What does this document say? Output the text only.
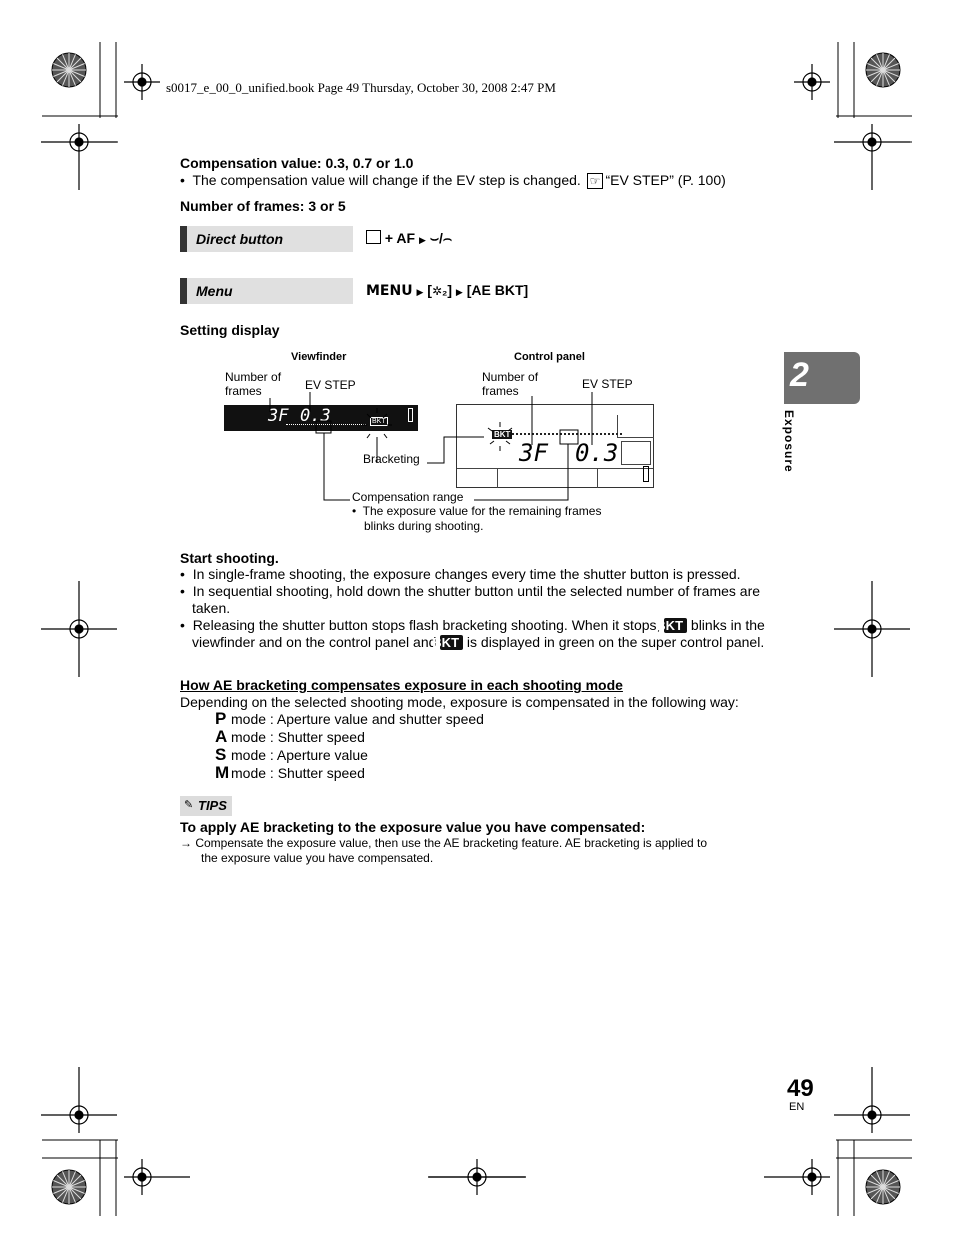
s0017_e_00_0_unified.book Page 49 Thursday, October 30, 2008 2:47 PM
Compensation value: 0.3, 0.7 or 1.0
•  The compensation value will change if the EV step is changed. ☞ “EV STEP” (P. 100)
Number of frames: 3 or 5
Direct button	+ AF ▶ ⌣/⌢
Menu	MENU ▶ [✲₂] ▶ [AE BKT]
Setting display
Viewfinder	Control panel
Number of
frames	EV STEP
Number of
frames	EV STEP
3F 0.3	BKT
BKT
3F 0.3
Bracketing
Compensation range
•  The exposure value for the remaining frames
blinks during shooting.
Start shooting.
•  In single-frame shooting, the exposure changes every time the shutter button is pressed.
•  In sequential shooting, hold down the shutter button until the selected number of frames are taken.
•  Releasing the shutter button stops flash bracketing shooting. When it stops, BKT blinks in the viewfinder and on the control panel and BKT is displayed in green on the super control panel.
How AE bracketing compensates exposure in each shooting mode
Depending on the selected shooting mode, exposure is compensated in the following way:
P mode : Aperture value and shutter speed
A mode : Shutter speed
S mode : Aperture value
M mode : Shutter speed
✎ TIPS
To apply AE bracketing to the exposure value you have compensated:
→ Compensate the exposure value, then use the AE bracketing feature. AE bracketing is applied to
the exposure value you have compensated.
2
Exposure
49
EN
